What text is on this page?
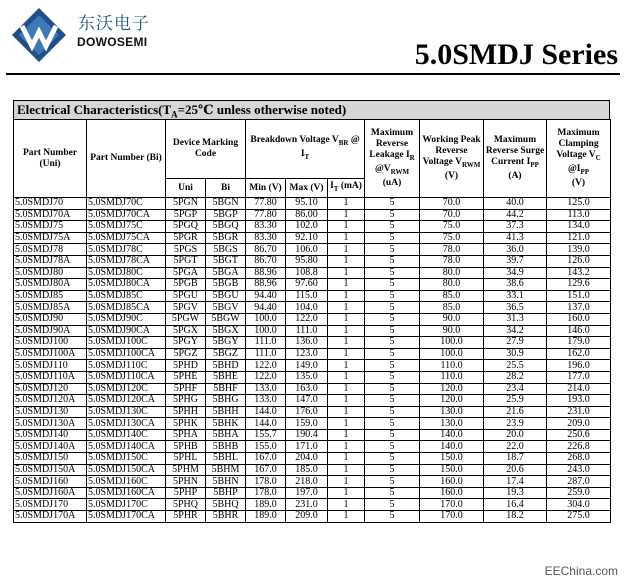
东沃电子
DOWOSEMI	5.0SMDJ Series
Electrical $Characteristics(T_A=25℃$ unless otherwise noted)
Part Number (Uni)	Part Number (Bi)	Device Marking Code		Breakdown Voltage $V_{BR}$ @ $I_T$			Maximum Reverse Leakage $I_R$ $@V_{RWM}$
(uA)	Working Peak Reverse Voltage $V_{RWM}$
(V)	Maximum Reverse Surge Current $I_{PP}$
(A)	Maximum Clamping Voltage $V_C$ $@I_{PP}$
(V)
		Uni	Bi	Min (V)	Max (V)	$I_T$ (mA)				
5.0SMDJ70	5.0SMDJ70C	5PGN	5BGN	77.80	95.10	1	5	70.0	40.0	125.0
5.0SMDJ70A	5.0SMDJ70CA	5PGP	5BGP	77.80	86.00	1	5	70.0	44.2	113.0
5.0SMDJ75	5.0SMDJ75C	5PGQ	5BGQ	83.30	102.0	1	5	75.0	37.3	134.0
5.0SMDJ75A	5.0SMDJ75CA	5PGR	5BGR	83.30	92.10	1	5	75.0	41.3	121.0
5.0SMDJ78	5.0SMDJ78C	5PGS	5BGS	86.70	106.0	1	5	78.0	36.0	139.0
5.0SMDJ78A	5.0SMDJ78CA	5PGT	5BGT	86.70	95.80	1	5	78.0	39.7	126.0
5.0SMDJ80	5.0SMDJ80C	5PGA	5BGA	88.96	108.8	1	5	80.0	34.9	143.2
5.0SMDJ80A	5.0SMDJ80CA	5PGB	5BGB	88.96	97.60	1	5	80.0	38.6	129.6
5.0SMDJ85	5.0SMDJ85C	5PGU	5BGU	94.40	115.0	1	5	85.0	33.1	151.0
5.0SMDJ85A	5.0SMDJ85CA	5PGV	5BGV	94.40	104.0	1	5	85.0	36.5	137.0
5.0SMDJ90	5.0SMDJ90C	5PGW	5BGW	100.0	122.0	1	5	90.0	31.3	160.0
5.0SMDJ90A	5.0SMDJ90CA	5PGX	5BGX	100.0	111.0	1	5	90.0	34.2	146.0
5.0SMDJ100	5.0SMDJ100C	5PGY	5BGY	111.0	136.0	1	5	100.0	27.9	179.0
5.0SMDJ100A	5.0SMDJ100CA	5PGZ	5BGZ	111.0	123.0	1	5	100.0	30.9	162.0
5.0SMDJ110	5.0SMDJ110C	5PHD	5BHD	122.0	149.0	1	5	110.0	25.5	196.0
5.0SMDJ110A	5.0SMDJ110CA	5PHE	5BHE	122.0	135.0	1	5	110.0	28.2	177.0
5.0SMDJ120	5.0SMDJ120C	5PHF	5BHF	133.0	163.0	1	5	120.0	23.4	214.0
5.0SMDJ120A	5.0SMDJ120CA	5PHG	5BHG	133.0	147.0	1	5	120.0	25.9	193.0
5.0SMDJ130	5.0SMDJ130C	5PHH	5BHH	144.0	176.0	1	5	130.0	21.6	231.0
5.0SMDJ130A	5.0SMDJ130CA	5PHK	5BHK	144.0	159.0	1	5	130.0	23.9	209.0
5.0SMDJ140	5.0SMDJ140C	5PHA	5BHA	155.7	190.4	1	5	140.0	20.0	250.6
5.0SMDJ140A	5.0SMDJ140CA	5PHB	5BHB	155.0	171.0	1	5	140.0	22.0	226.8
5.0SMDJ150	5.0SMDJ150C	5PHL	5BHL	167.0	204.0	1	5	150.0	18.7	268.0
5.0SMDJ150A	5.0SMDJ150CA	5PHM	5BHM	167.0	185.0	1	5	150.0	20.6	243.0
5.0SMDJ160	5.0SMDJ160C	5PHN	5BHN	178.0	218.0	1	5	160.0	17.4	287.0
5.0SMDJ160A	5.0SMDJ160CA	5PHP	5BHP	178.0	197.0	1	5	160.0	19.3	259.0
5.0SMDJ170	5.0SMDJ170C	5PHQ	5BHQ	189.0	231.0	1	5	170.0	16.4	304.0
5.0SMDJ170A	5.0SMDJ170CA	5PHR	5BHR	189.0	209.0	1	5	170.0	18.2	275.0
EEChina.com
